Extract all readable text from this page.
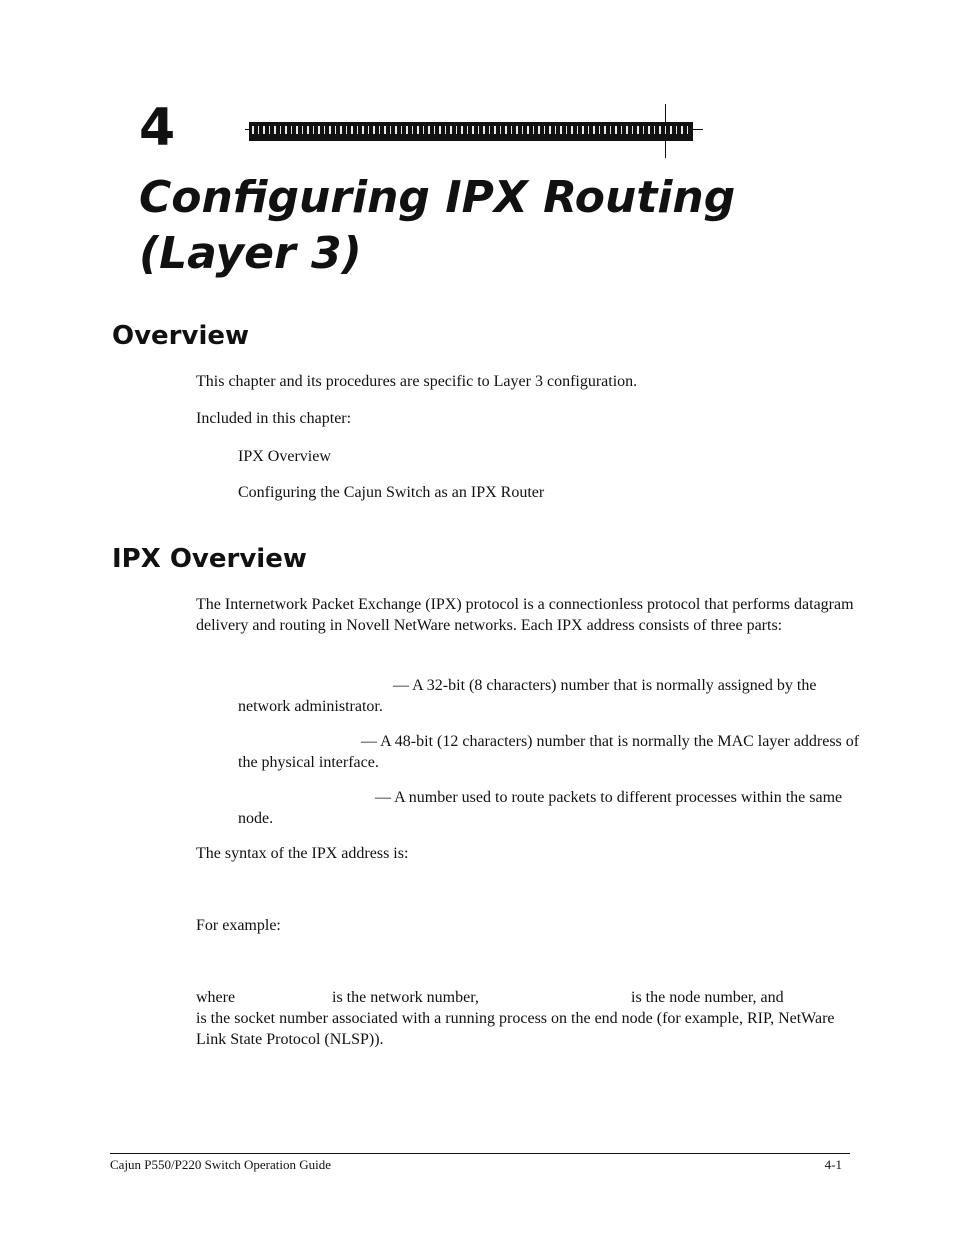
4
Configuring IPX Routing (Layer 3)
Overview

This chapter and its procedures are specific to Layer 3 configuration.

Included in this chapter:

IPX Overview

Configuring the Cajun Switch as an IPX Router

IPX Overview

The Internetwork Packet Exchange (IPX) protocol is a connectionless protocol that performs datagram delivery and routing in Novell NetWare networks. Each IPX address consists of three parts:

— A 32-bit (8 characters) number that is normally assigned by the network administrator.

— A 48-bit (12 characters) number that is normally the MAC layer address of the physical interface.

— A number used to route packets to different processes within the same node.

The syntax of the IPX address is:

For example:

where	is the network number,	is the node number, and

is the socket number associated with a running process on the end node (for example, RIP, NetWare Link State Protocol (NLSP)).

Cajun P550/P220 Switch Operation Guide	4-1
